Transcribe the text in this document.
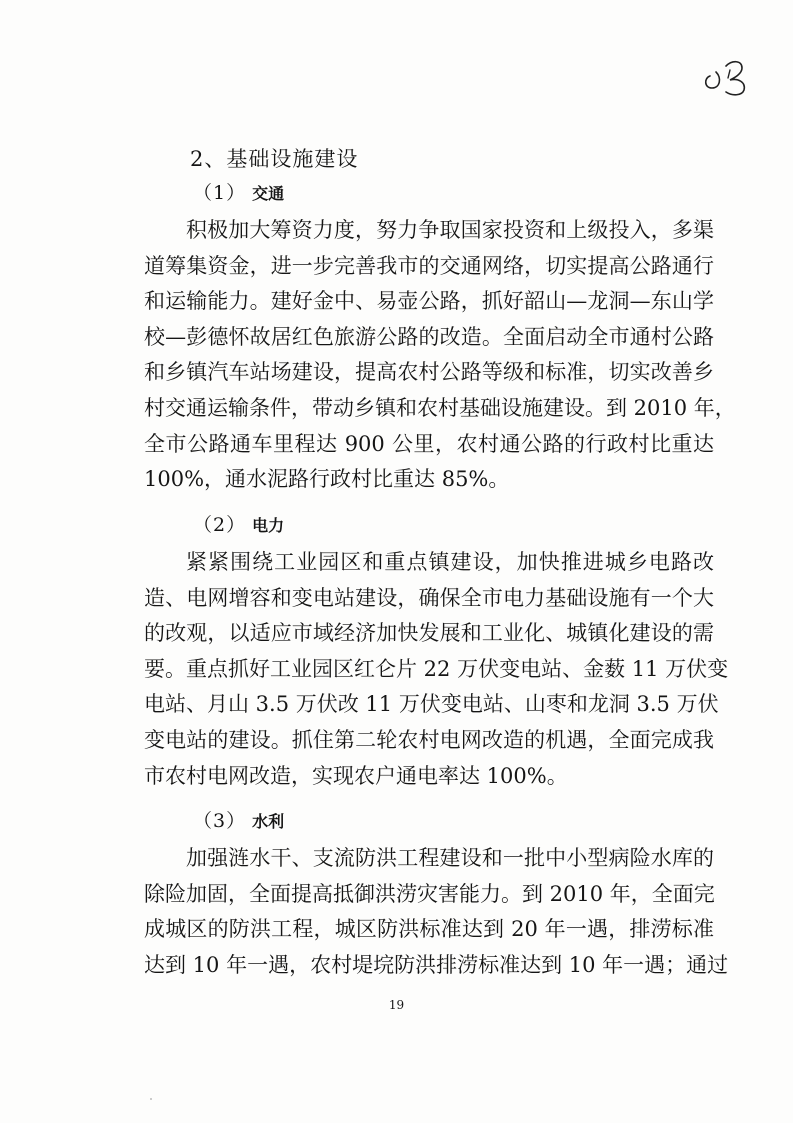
2、基础设施建设
（1） 交通
积极加大筹资力度，努力争取国家投资和上级投入，多渠
道筹集资金，进一步完善我市的交通网络，切实提高公路通行
和运输能力。建好金中、易壶公路，抓好韶山—龙洞—东山学
校—彭德怀故居红色旅游公路的改造。全面启动全市通村公路
和乡镇汽车站场建设，提高农村公路等级和标准，切实改善乡
村交通运输条件，带动乡镇和农村基础设施建设。到 2010 年，
全市公路通车里程达 900 公里，农村通公路的行政村比重达
100%，通水泥路行政村比重达 85%。
（2） 电力
紧紧围绕工业园区和重点镇建设，加快推进城乡电路改
造、电网增容和变电站建设，确保全市电力基础设施有一个大
的改观，以适应市域经济加快发展和工业化、城镇化建设的需
要。重点抓好工业园区红仑片 22 万伏变电站、金薮 11 万伏变
电站、月山 3.5 万伏改 11 万伏变电站、山枣和龙洞 3.5 万伏
变电站的建设。抓住第二轮农村电网改造的机遇，全面完成我
市农村电网改造，实现农户通电率达 100%。
（3） 水利
加强涟水干、支流防洪工程建设和一批中小型病险水库的
除险加固，全面提高抵御洪涝灾害能力。到 2010 年，全面完
成城区的防洪工程，城区防洪标准达到 20 年一遇，排涝标准
达到 10 年一遇，农村堤垸防洪排涝标准达到 10 年一遇；通过

19
